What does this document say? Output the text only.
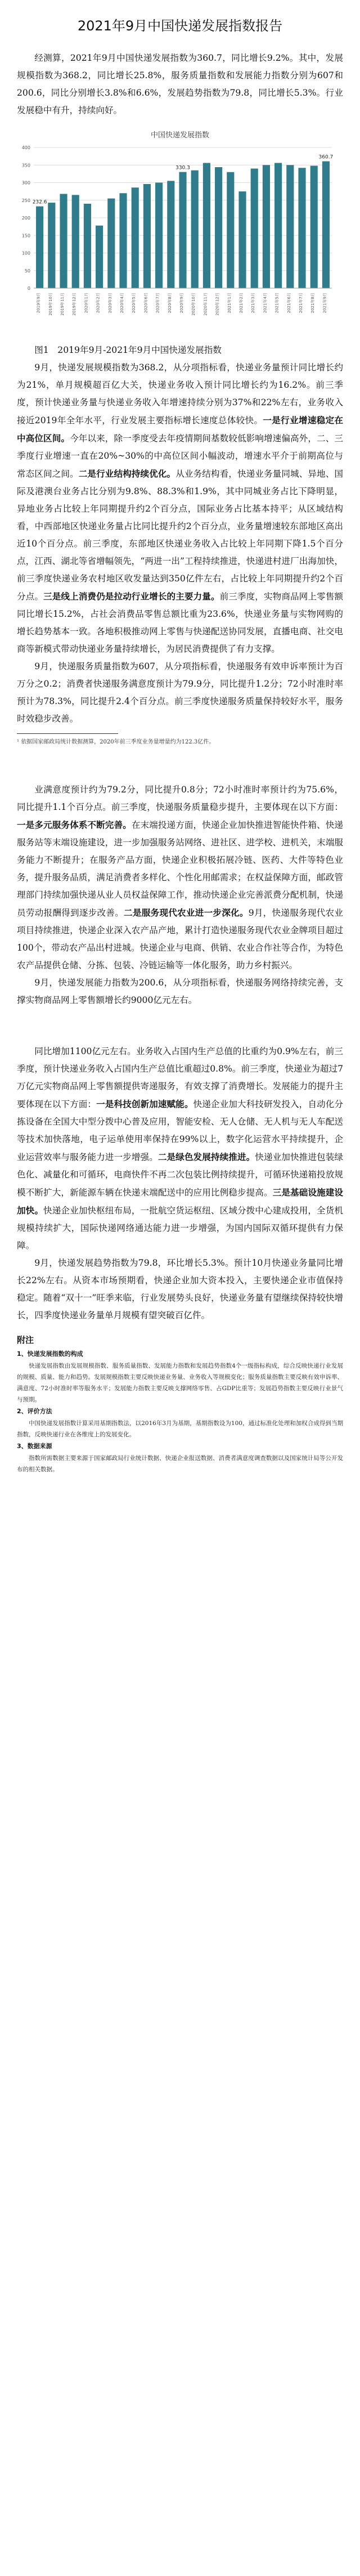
2021年9月中国快递发展指数报告

经测算，2021年9月中国快递发展指数为360.7，同比增长9.2%。其中，发展规模指数为368.2，同比增长25.8%，服务质量指数和发展能力指数分别为607和200.6，同比分别增长3.8%和6.6%，发展趋势指数为79.8，同比增长5.3%。行业发展稳中有升，持续向好。

中国快递发展指数
0
50
100
150
200
250
300
350
400
2019年9月 2019年10月 2019年11月 2019年12月 2020年1月 2020年2月 2020年3月 2020年4月 2020年5月 2020年6月 2020年7月 2020年8月 2020年9月 2020年10月 2020年11月 2020年12月 2021年1月 2021年2月 2021年3月 2021年4月 2021年5月 2021年6月 2021年7月 2021年8月 2021年9月
232.6
330.3
360.7

图1　2019年9月-2021年9月中国快递发展指数

9月，快递发展规模指数为368.2，从分项指标看，快递业务量预计同比增长约为21%，单月规模超百亿大关，快递业务收入预计同比增长约为16.2%。前三季度，预计快递业务量与快递业务收入年增速持续分别为37%和22%左右，业务收入接近2019年全年水平，行业发展主要指标增长速度总体较快。一是行业增速稳定在中高位区间。今年以来，除一季度受去年疫情期间基数较低影响增速偏高外，二、三季度行业增速一直在20%~30%的中高位区间小幅波动，增速水平介于前期高位与常态区间之间。二是行业结构持续优化。从业务结构看，快递业务量同城、异地、国际及港澳台业务占比分别为9.8%、88.3%和1.9%，其中同城业务占比下降明显，异地业务占比较上年同期提升约2个百分点，国际业务占比基本持平；从区域结构看，中西部地区快递业务量占比同比提升约2个百分点，业务量增速较东部地区高出近10个百分点。前三季度，东部地区快递业务收入占比较上年同期下降1.5个百分点，江西、湖北等省增幅领先，“两进一出”工程持续推进，快递进村进厂出海加快，前三季度快递业务农村地区收发量达到350亿件左右，占比较上年同期提升约2个百分点。三是线上消费仍是拉动行业增长的主要力量。前三季度，实物商品网上零售额同比增长15.2%，占社会消费品零售总额比重为23.6%，快递业务量与实物网购的增长趋势基本一致。各地积极推动网上零售与快递配送协同发展，直播电商、社交电商等新模式带动快递业务量持续增长，为居民消费提供了有力支撑。

9月，快递服务质量指数为607，从分项指标看，快递服务有效申诉率预计为百万分之0.2；消费者快递服务满意度预计为79.9分，同比提升1.2分；72小时准时率预计为78.3%，同比提升2.4个百分点。前三季度快递服务质量保持较好水平，服务时效稳步改善。

¹ 依据国家邮政局统计数据测算，2020年前三季度业务量增量约为122.3亿件。

业满意度预计约为79.2分，同比提升0.8分；72小时准时率预计约为75.6%，同比提升1.1个百分点。前三季度，快递服务质量稳步提升，主要体现在以下方面：一是多元服务体系不断完善。在末端投递方面，快递企业加快推进智能快件箱、快递服务站等末端设施建设，进一步加强服务站网络、进社区、进学校、进机关，末端服务能力不断提升；在服务产品方面，快递企业积极拓展冷链、医药、大件等特色业务，提升服务品质，满足消费者多样化、个性化用邮需求；在权益保障方面，邮政管理部门持续加强快递从业人员权益保障工作，推动快递企业完善派费分配机制，快递员劳动报酬得到逐步改善。二是服务现代农业进一步深化。9月，快递服务现代农业项目持续推进，快递企业深入农产品产地，累计打造快递服务现代农业金牌项目超过100个，带动农产品出村进城。快递企业与电商、供销、农业合作社等合作，为特色农产品提供仓储、分拣、包装、冷链运输等一体化服务，助力乡村振兴。

9月，快递发展能力指数为200.6，从分项指标看，快递服务网络持续完善，支撑实物商品网上零售额增长约9000亿元左右。

同比增加1100亿元左右。业务收入占国内生产总值的比重约为0.9%左右，前三季度，预计快递业务收入占国内生产总值比重超过0.8%。前三季度，快递业为超过7万亿元实物商品网上零售额提供寄递服务，有效支撑了消费增长。发展能力的提升主要体现在以下方面：一是科技创新加速赋能。快递企业加大科技研发投入，自动化分拣设备在全国大中型分拨中心普及应用，智能安检、无人仓储、无人机与无人车配送等技术加快落地，电子运单使用率保持在99%以上，数字化运营水平持续提升，企业运营效率与服务能力进一步增强。二是绿色发展持续推进。快递业加快推进包装绿色化、减量化和可循环，电商快件不再二次包装比例持续提升，可循环快递箱投放规模不断扩大，新能源车辆在快递末端配送中的应用比例稳步提高。三是基础设施建设加快。快递企业加快枢纽布局，一批航空货运枢纽、区域分拨中心建成投用，全货机规模持续扩大，国际快递网络通达能力进一步增强，为国内国际双循环提供有力保障。

9月，快递发展趋势指数为79.8，环比增长5.3%。预计10月快递业务量同比增长22%左右。从资本市场预期看，快递企业加大资本投入，主要快递企业市值保持稳定。随着“双十一”旺季来临，行业发展势头良好，快递业务量有望继续保持较快增长，四季度快递业务量单月规模有望突破百亿件。

附注
1、快递发展指数的构成

快递发展指数由发展规模指数、服务质量指数、发展能力指数和发展趋势指数4个一级指标构成，综合反映快递行业发展的规模、质量、能力和趋势。发展规模指数主要反映快递业务量、业务收入等规模变化；服务质量指数主要反映有效申诉率、满意度、72小时准时率等服务水平；发展能力指数主要反映支撑网络零售、占GDP比重等；发展趋势指数主要反映行业景气与预期。

2、评价方法

中国快递发展指数计算采用基期指数法，以2016年3月为基期，基期指数设为100，通过标准化处理和加权合成得到当期指数，反映快递行业在各维度上的发展变化。

3、数据来源

指数所需数据主要来源于国家邮政局行业统计数据、快递企业报送数据、消费者满意度调查数据以及国家统计局等公开发布的相关数据。
